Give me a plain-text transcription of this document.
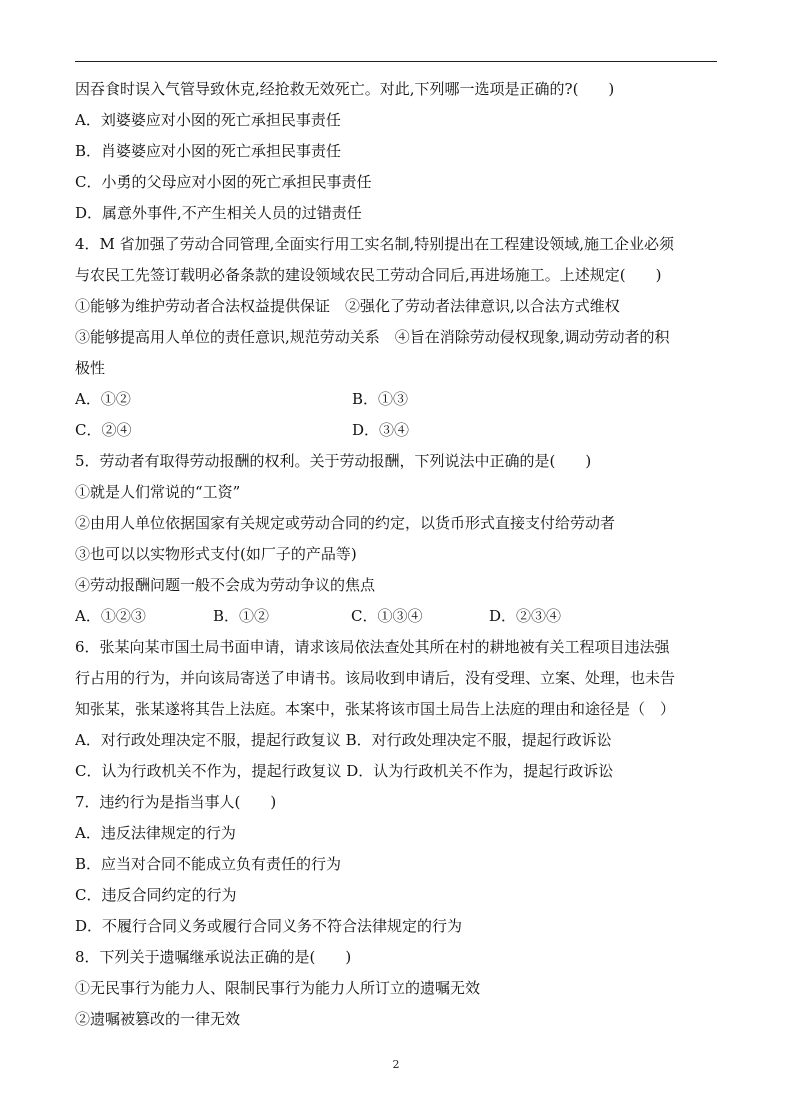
因吞食时误入气管导致休克,经抢救无效死亡。对此,下列哪一选项是正确的?(　　)
A．刘婆婆应对小囡的死亡承担民事责任
B．肖婆婆应对小囡的死亡承担民事责任
C．小勇的父母应对小囡的死亡承担民事责任
D．属意外事件,不产生相关人员的过错责任
4．M 省加强了劳动合同管理,全面实行用工实名制,特别提出在工程建设领域,施工企业必须
与农民工先签订载明必备条款的建设领域农民工劳动合同后,再进场施工。上述规定(　　)
①能够为维护劳动者合法权益提供保证　②强化了劳动者法律意识,以合法方式维权
③能够提高用人单位的责任意识,规范劳动关系　④旨在消除劳动侵权现象,调动劳动者的积
极性
A．①②	B．①③
C．②④	D．③④
5．劳动者有取得劳动报酬的权利。关于劳动报酬，下列说法中正确的是(　　)
①就是人们常说的“工资”
②由用人单位依据国家有关规定或劳动合同的约定，以货币形式直接支付给劳动者
③也可以以实物形式支付(如厂子的产品等)
④劳动报酬问题一般不会成为劳动争议的焦点
A．①②③	B．①②	C．①③④	D．②③④
6．张某向某市国土局书面申请，请求该局依法查处其所在村的耕地被有关工程项目违法强
行占用的行为，并向该局寄送了申请书。该局收到申请后，没有受理、立案、处理，也未告
知张某，张某遂将其告上法庭。本案中，张某将该市国土局告上法庭的理由和途径是（　）
A．对行政处理决定不服，提起行政复议 B．对行政处理决定不服，提起行政诉讼
C．认为行政机关不作为，提起行政复议 D．认为行政机关不作为，提起行政诉讼
7．违约行为是指当事人(　　)
A．违反法律规定的行为
B．应当对合同不能成立负有责任的行为
C．违反合同约定的行为
D．不履行合同义务或履行合同义务不符合法律规定的行为
8．下列关于遗嘱继承说法正确的是(　　)
①无民事行为能力人、限制民事行为能力人所订立的遗嘱无效
②遗嘱被篡改的一律无效
2
